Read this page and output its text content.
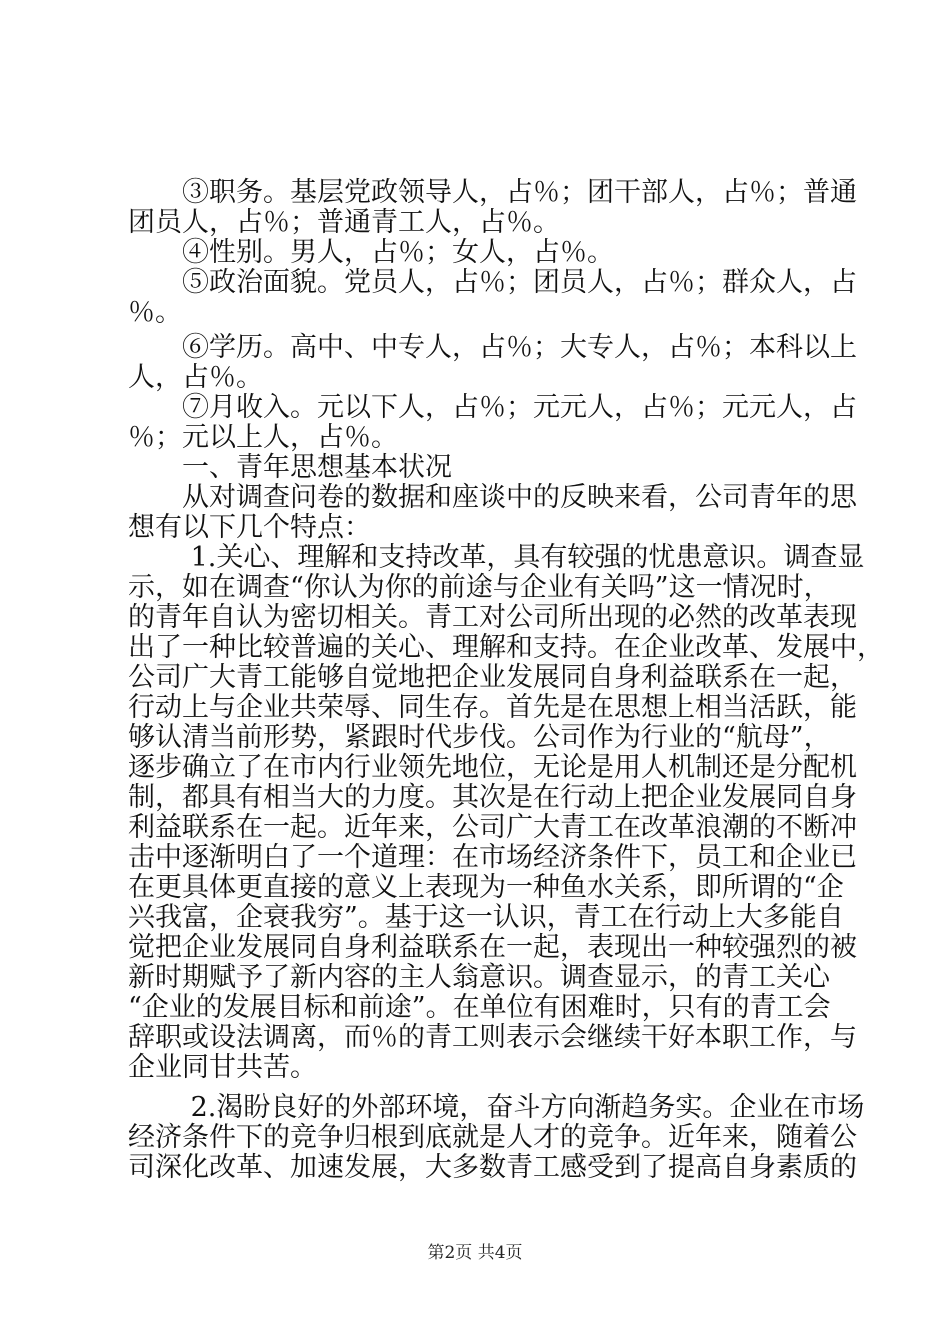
　　③职务。基层党政领导人，占％；团干部人，占％；普通
团员人，占％；普通青工人，占％。
　　④性别。男人，占％；女人，占％。
　　⑤政治面貌。党员人，占％；团员人，占％；群众人，占
％。
　　⑥学历。高中、中专人，占％；大专人，占％；本科以上
人，占％。
　　⑦月收入。元以下人，占％；元元人，占％；元元人，占
％；元以上人，占％。
　　一、青年思想基本状况
　　从对调查问卷的数据和座谈中的反映来看，公司青年的思
想有以下几个特点：
　　 1.关心、理解和支持改革，具有较强的忧患意识。调查显
示，如在调查“你认为你的前途与企业有关吗”这一情况时，
的青年自认为密切相关。青工对公司所出现的必然的改革表现
出了一种比较普遍的关心、理解和支持。在企业改革、发展中，
公司广大青工能够自觉地把企业发展同自身利益联系在一起，
行动上与企业共荣辱、同生存。首先是在思想上相当活跃，能
够认清当前形势，紧跟时代步伐。公司作为行业的“航母”，
逐步确立了在市内行业领先地位，无论是用人机制还是分配机
制，都具有相当大的力度。其次是在行动上把企业发展同自身
利益联系在一起。近年来，公司广大青工在改革浪潮的不断冲
击中逐渐明白了一个道理：在市场经济条件下，员工和企业已
在更具体更直接的意义上表现为一种鱼水关系，即所谓的“企
兴我富，企衰我穷”。基于这一认识，青工在行动上大多能自
觉把企业发展同自身利益联系在一起，表现出一种较强烈的被
新时期赋予了新内容的主人翁意识。调查显示，的青工关心
“企业的发展目标和前途”。在单位有困难时，只有的青工会
辞职或设法调离，而％的青工则表示会继续干好本职工作，与
企业同甘共苦。
　　 2.渴盼良好的外部环境，奋斗方向渐趋务实。企业在市场
经济条件下的竞争归根到底就是人才的竞争。近年来，随着公
司深化改革、加速发展，大多数青工感受到了提高自身素质的
第2页 共4页
